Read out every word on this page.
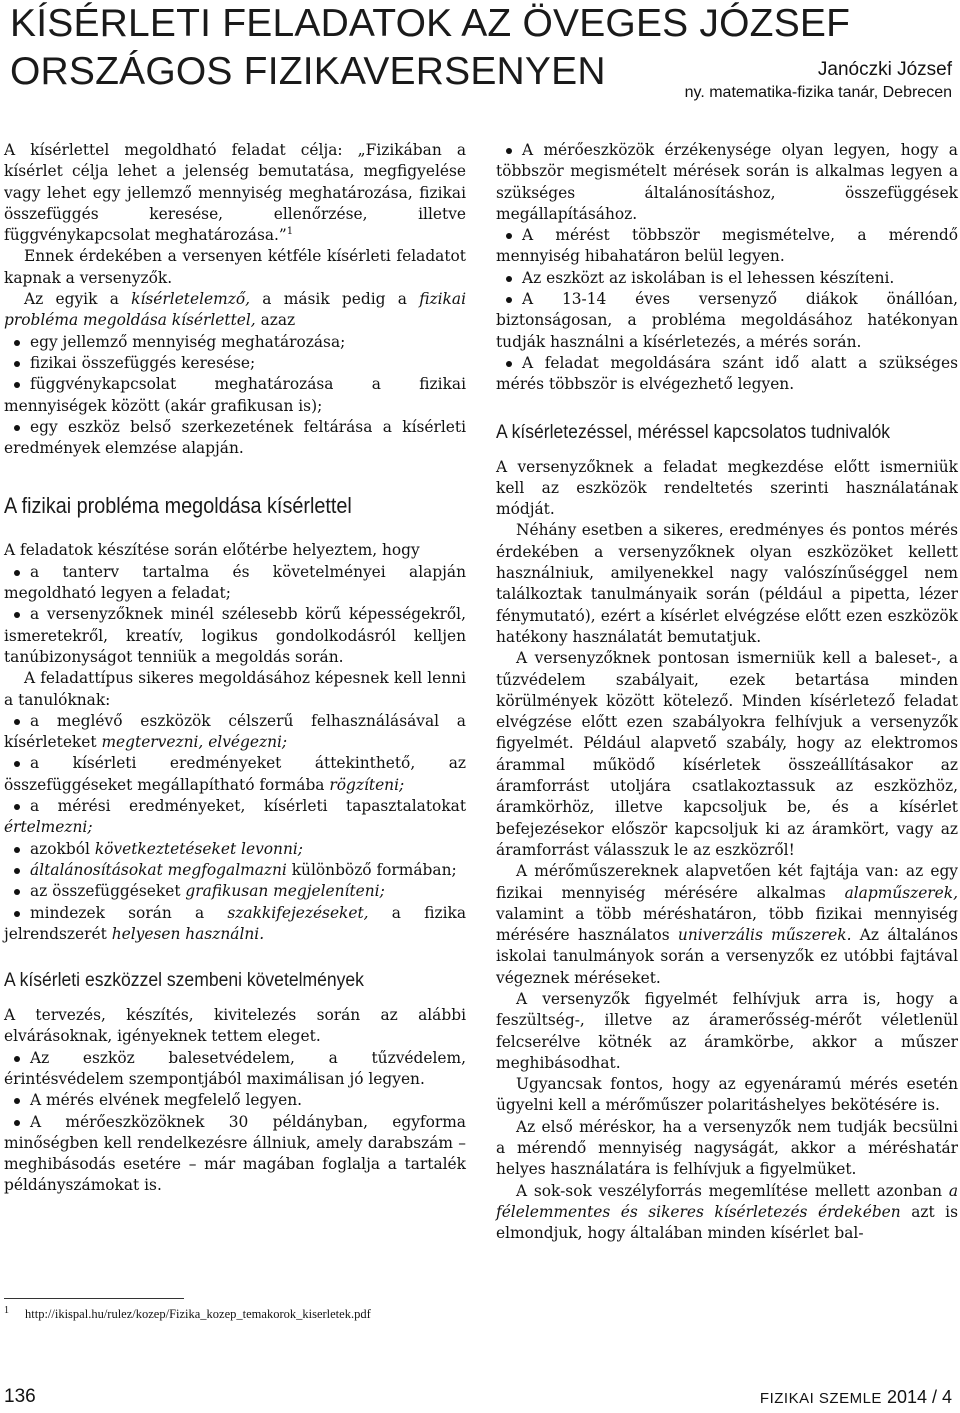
KÍSÉRLETI FELADATOK AZ ÖVEGES JÓZSEF
ORSZÁGOS FIZIKAVERSENYEN	Janóczki József
ny. matematika-fizika tanár, Debrecen

A kísérlettel megoldható feladat célja: „Fizikában a kísérlet célja lehet a jelenség bemutatása, megfigyelése vagy lehet egy jellemző mennyiség meghatározása, fizikai összefüggés keresése, ellenőrzése, illetve függvénykapcsolat meghatározása.”$^1$

Ennek érdekében a versenyen kétféle kísérleti feladatot kapnak a versenyzők.

Az egyik a kísérletelemző, a másik pedig a fizikai probléma megoldása kísérlettel, azaz

egy jellemző mennyiség meghatározása;
fizikai összefüggés keresése;
függvénykapcsolat meghatározása a fizikai mennyiségek között (akár grafikusan is);
egy eszköz belső szerkezetének feltárása a kísérleti eredmények elemzése alapján.
A fizikai probléma megoldása kísérlettel

A feladatok készítése során előtérbe helyeztem, hogy

a tanterv tartalma és követelményei alapján megoldható legyen a feladat;
a versenyzőknek minél szélesebb körű képességekről, ismeretekről, kreatív, logikus gondolkodásról kelljen tanúbizonyságot tenniük a megoldás során.

A feladattípus sikeres megoldásához képesnek kell lenni a tanulóknak:

a meglévő eszközök célszerű felhasználásával a kísérleteket megtervezni, elvégezni;
a kísérleti eredményeket áttekinthető, az összefüggéseket megállapítható formába rögzíteni;
a mérési eredményeket, kísérleti tapasztalatokat értelmezni;
azokból következtetéseket levonni;
általánosításokat megfogalmazni különböző formában;
az összefüggéseket grafikusan megjeleníteni;
mindezek során a szakkifejezéseket, a fizika jelrendszerét helyesen használni.
A kísérleti eszközzel szembeni követelmények

A tervezés, készítés, kivitelezés során az alábbi elvárásoknak, igényeknek tettem eleget.

Az eszköz balesetvédelem, a tűzvédelem, érintésvédelem szempontjából maximálisan jó legyen.
A mérés elvének megfelelő legyen.
A mérőeszközöknek 30 példányban, egyforma minőségben kell rendelkezésre állniuk, amely darabszám – meghibásodás esetére – már magában foglalja a tartalék példányszámokat is.
A mérőeszközök érzékenysége olyan legyen, hogy a többször megismételt mérések során is alkalmas legyen a szükséges általánosításhoz, összefüggések megállapításához.
A mérést többször megismételve, a mérendő mennyiség hibahatáron belül legyen.
Az eszközt az iskolában is el lehessen készíteni.
A 13-14 éves versenyző diákok önállóan, biztonságosan, a probléma megoldásához hatékonyan tudják használni a kísérletezés, a mérés során.
A feladat megoldására szánt idő alatt a szükséges mérés többször is elvégezhető legyen.
A kísérletezéssel, méréssel kapcsolatos tudnivalók

A versenyzőknek a feladat megkezdése előtt ismerniük kell az eszközök rendeltetés szerinti használatának módját.

Néhány esetben a sikeres, eredményes és pontos mérés érdekében a versenyzőknek olyan eszközöket kellett használniuk, amilyenekkel nagy valószínűséggel nem találkoztak tanulmányaik során (például a pipetta, lézer fénymutató), ezért a kísérlet elvégzése előtt ezen eszközök hatékony használatát bemutatjuk.

A versenyzőknek pontosan ismerniük kell a baleset-, a tűzvédelem szabályait, ezek betartása minden körülmények között kötelező. Minden kísérletező feladat elvégzése előtt ezen szabályokra felhívjuk a versenyzők figyelmét. Például alapvető szabály, hogy az elektromos árammal működő kísérletek összeállításakor az áramforrást utoljára csatlakoztassuk az eszközhöz, áramkörhöz, illetve kapcsoljuk be, és a kísérlet befejezésekor először kapcsoljuk ki az áramkört, vagy az áramforrást válasszuk le az eszközről!

A mérőműszereknek alapvetően két fajtája van: az egy fizikai mennyiség mérésére alkalmas alapműszerek, valamint a több méréshatáron, több fizikai mennyiség mérésére használatos univerzális műszerek. Az általános iskolai tanulmányok során a versenyzők ez utóbbi fajtával végeznek méréseket.

A versenyzők figyelmét felhívjuk arra is, hogy a feszültség-, illetve az áramerősség-mérőt véletlenül felcserélve kötnék az áramkörbe, akkor a műszer meghibásodhat.

Ugyancsak fontos, hogy az egyenáramú mérés esetén ügyelni kell a mérőműszer polaritáshelyes bekötésére is.

Az első méréskor, ha a versenyzők nem tudják becsülni a mérendő mennyiség nagyságát, akkor a méréshatár helyes használatára is felhívjuk a figyelmüket.

A sok-sok veszélyforrás megemlítése mellett azonban a félelemmentes és sikeres kísérletezés érdekében azt is elmondjuk, hogy általában minden kísérlet bal-

$^1$ http://ikispal.hu/rulez/kozep/Fizika_kozep_temakorok_kiserletek.pdf
136	FIZIKAI SZEMLE 2014 / 4
